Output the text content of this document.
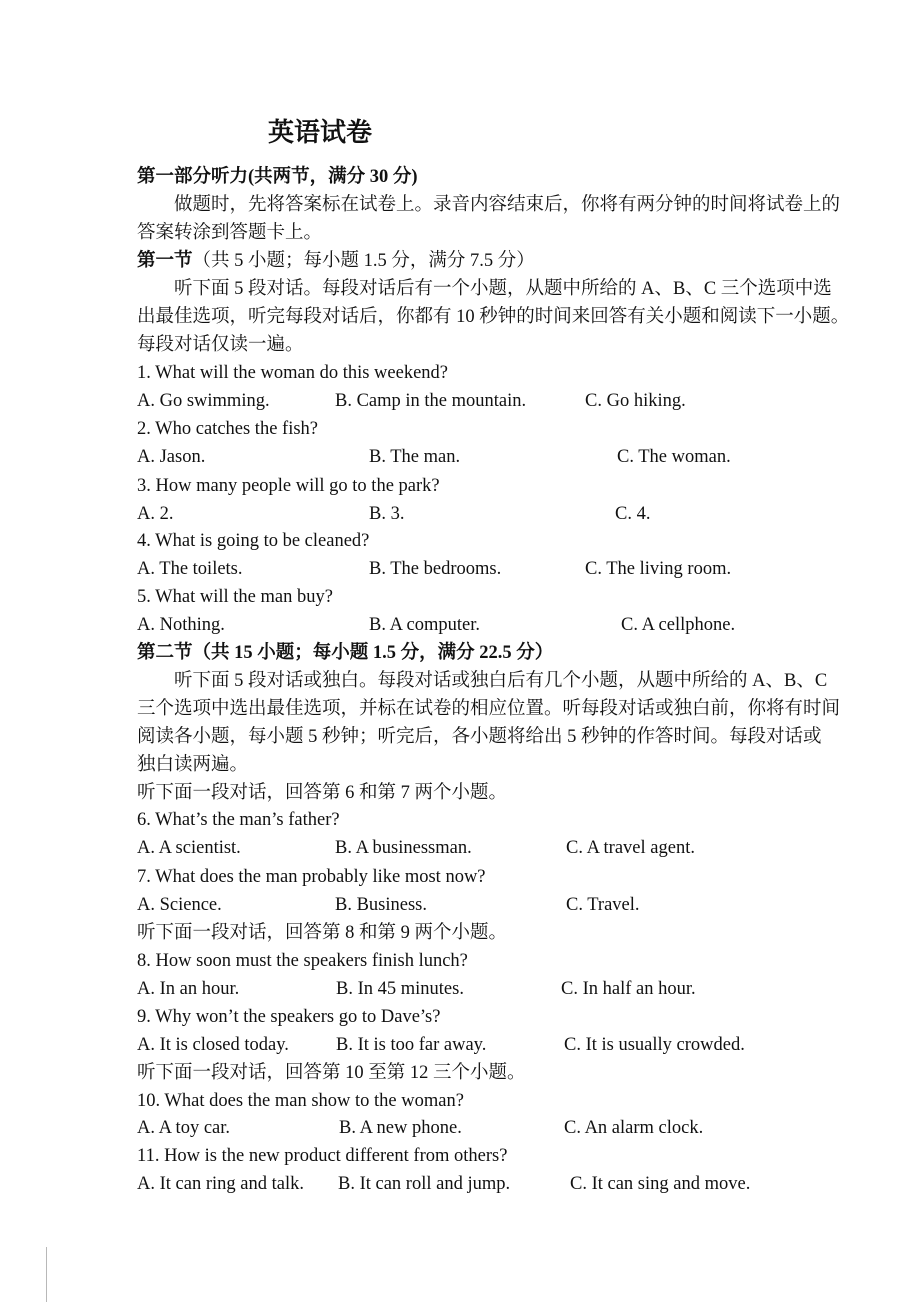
英语试卷
第一部分听力(共两节，满分 30 分)
做题时，先将答案标在试卷上。录音内容结束后，你将有两分钟的时间将试卷上的
答案转涂到答题卡上。
第一节（共 5 小题；每小题 1.5 分，满分 7.5 分）
听下面 5 段对话。每段对话后有一个小题，从题中所给的 A、B、C 三个选项中选
出最佳选项，听完每段对话后，你都有 10 秒钟的时间来回答有关小题和阅读下一小题。
每段对话仅读一遍。
1. What will the woman do this weekend?
A. Go swimming.	B. Camp in the mountain.	C. Go hiking.
2. Who catches the fish?
A. Jason.	B. The man.	C. The woman.
3. How many people will go to the park?
A. 2.	B. 3.	C. 4.
4. What is going to be cleaned?
A. The toilets.	B. The bedrooms.	C. The living room.
5. What will the man buy?
A. Nothing.	B. A computer.	C. A cellphone.
第二节（共 15 小题；每小题 1.5 分，满分 22.5 分）
听下面 5 段对话或独白。每段对话或独白后有几个小题，从题中所给的 A、B、C
三个选项中选出最佳选项，并标在试卷的相应位置。听每段对话或独白前，你将有时间
阅读各小题，每小题 5 秒钟；听完后，各小题将给出 5 秒钟的作答时间。每段对话或
独白读两遍。
听下面一段对话，回答第 6 和第 7 两个小题。
6. What’s the man’s father?
A. A scientist.	B. A businessman.	C. A travel agent.
7. What does the man probably like most now?
A. Science.	B. Business.	C. Travel.
听下面一段对话，回答第 8 和第 9 两个小题。
8. How soon must the speakers finish lunch?
A. In an hour.	B. In 45 minutes.	C. In half an hour.
9. Why won’t the speakers go to Dave’s?
A. It is closed today.	B. It is too far away.	C. It is usually crowded.
听下面一段对话，回答第 10 至第 12 三个小题。
10. What does the man show to the woman?
A. A toy car.	B. A new phone.	C. An alarm clock.
11. How is the new product different from others?
A. It can ring and talk. B. It can roll and jump.	C. It can sing and move.
